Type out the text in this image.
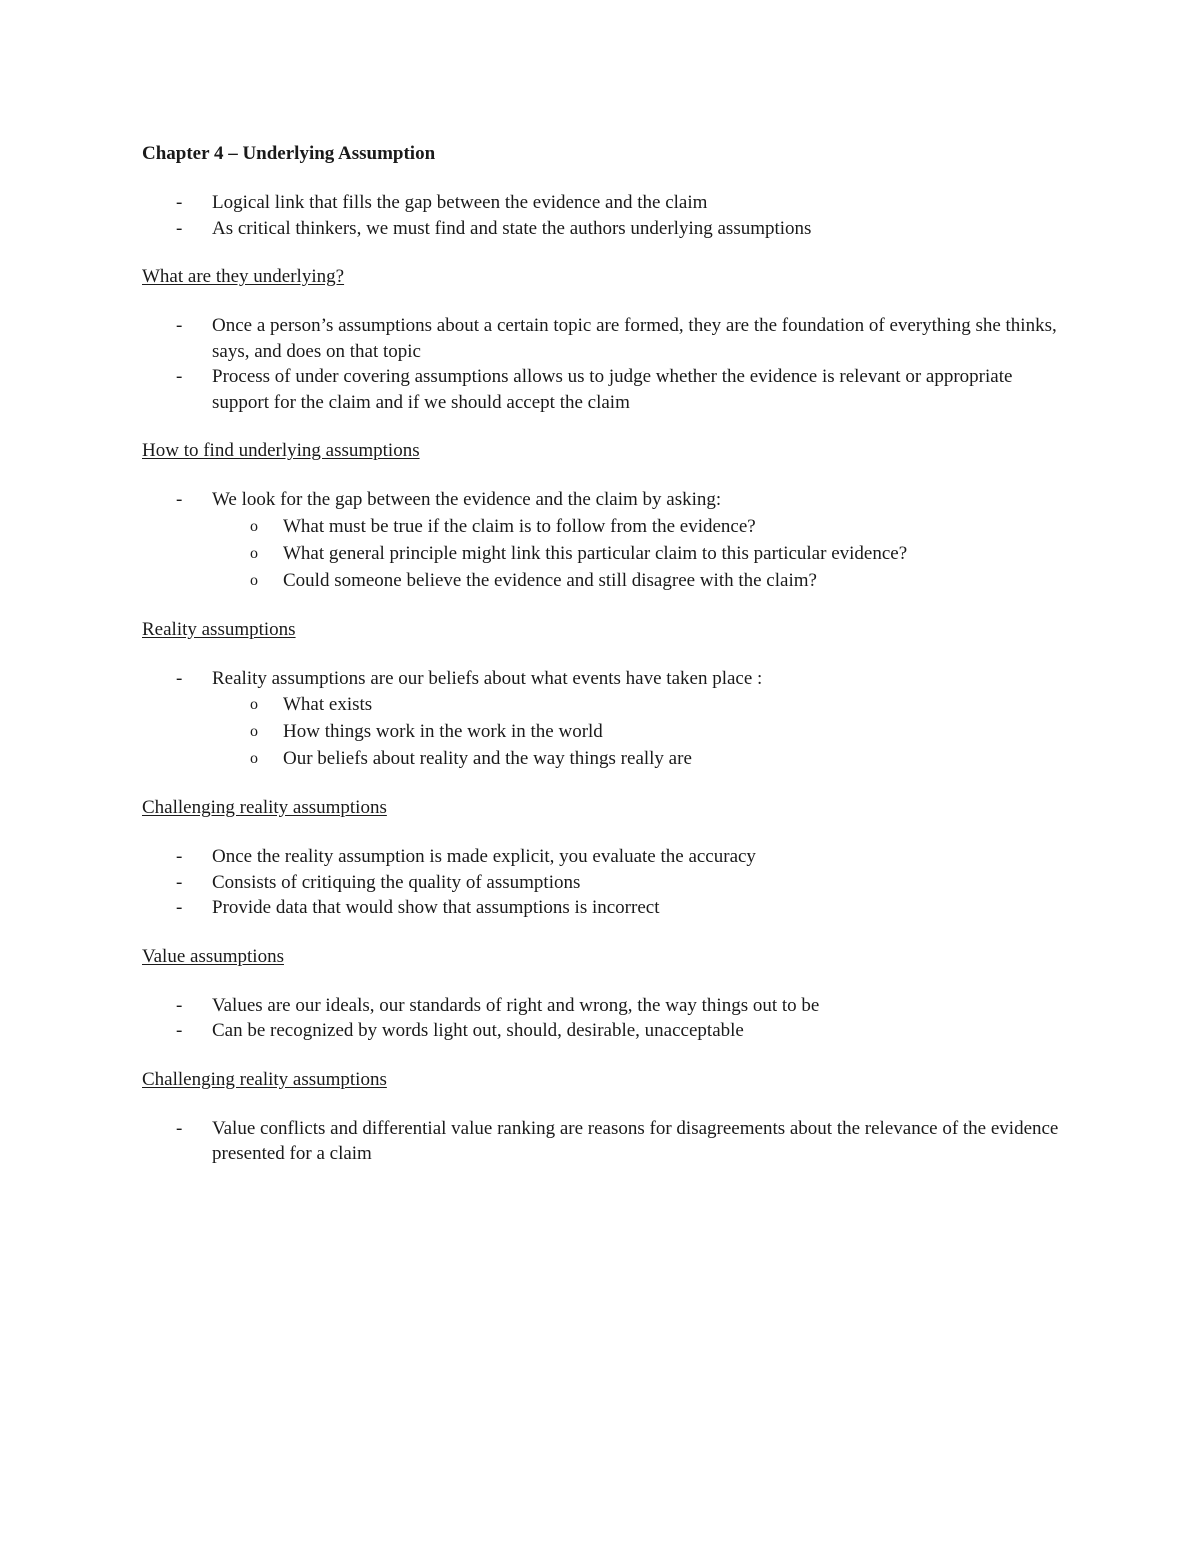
Chapter 4 – Underlying Assumption
- Logical link that fills the gap between the evidence and the claim
- As critical thinkers, we must find and state the authors underlying assumptions
What are they underlying?
- Once a person’s assumptions about a certain topic are formed, they are the foundation of everything she thinks, says, and does on that topic
- Process of under covering assumptions allows us to judge whether the evidence is relevant or appropriate support for the claim and if we should accept the claim
How to find underlying assumptions
- We look for the gap between the evidence and the claim by asking:
o What must be true if the claim is to follow from the evidence?
o What general principle might link this particular claim to this particular evidence?
o Could someone believe the evidence and still disagree with the claim?
Reality assumptions
- Reality assumptions are our beliefs about what events have taken place :
o What exists
o How things work in the work in the world
o Our beliefs about reality and the way things really are
Challenging reality assumptions
- Once the reality assumption is made explicit, you evaluate the accuracy
- Consists of critiquing the quality of assumptions
- Provide data that would show that assumptions is incorrect
Value assumptions
- Values are our ideals, our standards of right and wrong, the way things out to be
- Can be recognized by words light out, should, desirable, unacceptable
Challenging reality assumptions
- Value conflicts and differential value ranking are reasons for disagreements about the relevance of the evidence presented for a claim
